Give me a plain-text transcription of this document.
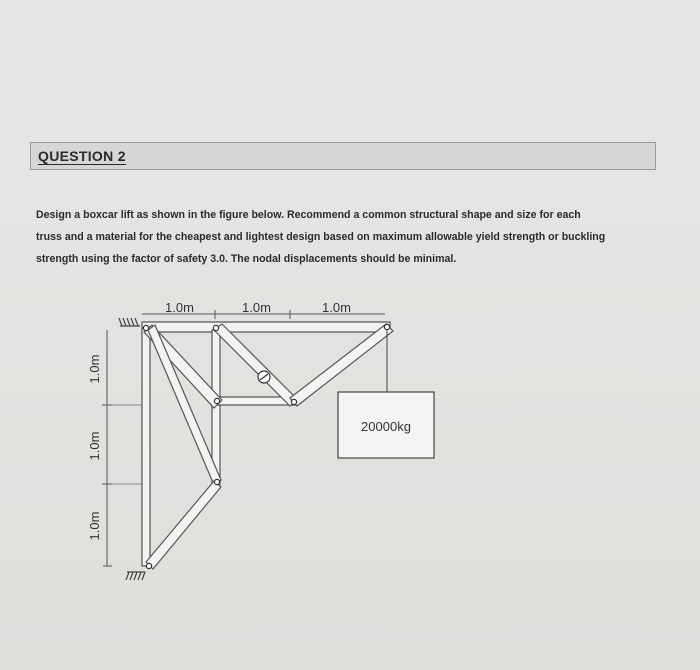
QUESTION 2
Design a boxcar lift as shown in the figure below. Recommend a common structural shape and size for each
truss and a material for the cheapest and lightest design based on maximum allowable yield strength or buckling
strength using the factor of safety 3.0. The nodal displacements should be minimal.
1.0m	1.0m	1.0m
1.0m
1.0m
1.0m
20000kg
